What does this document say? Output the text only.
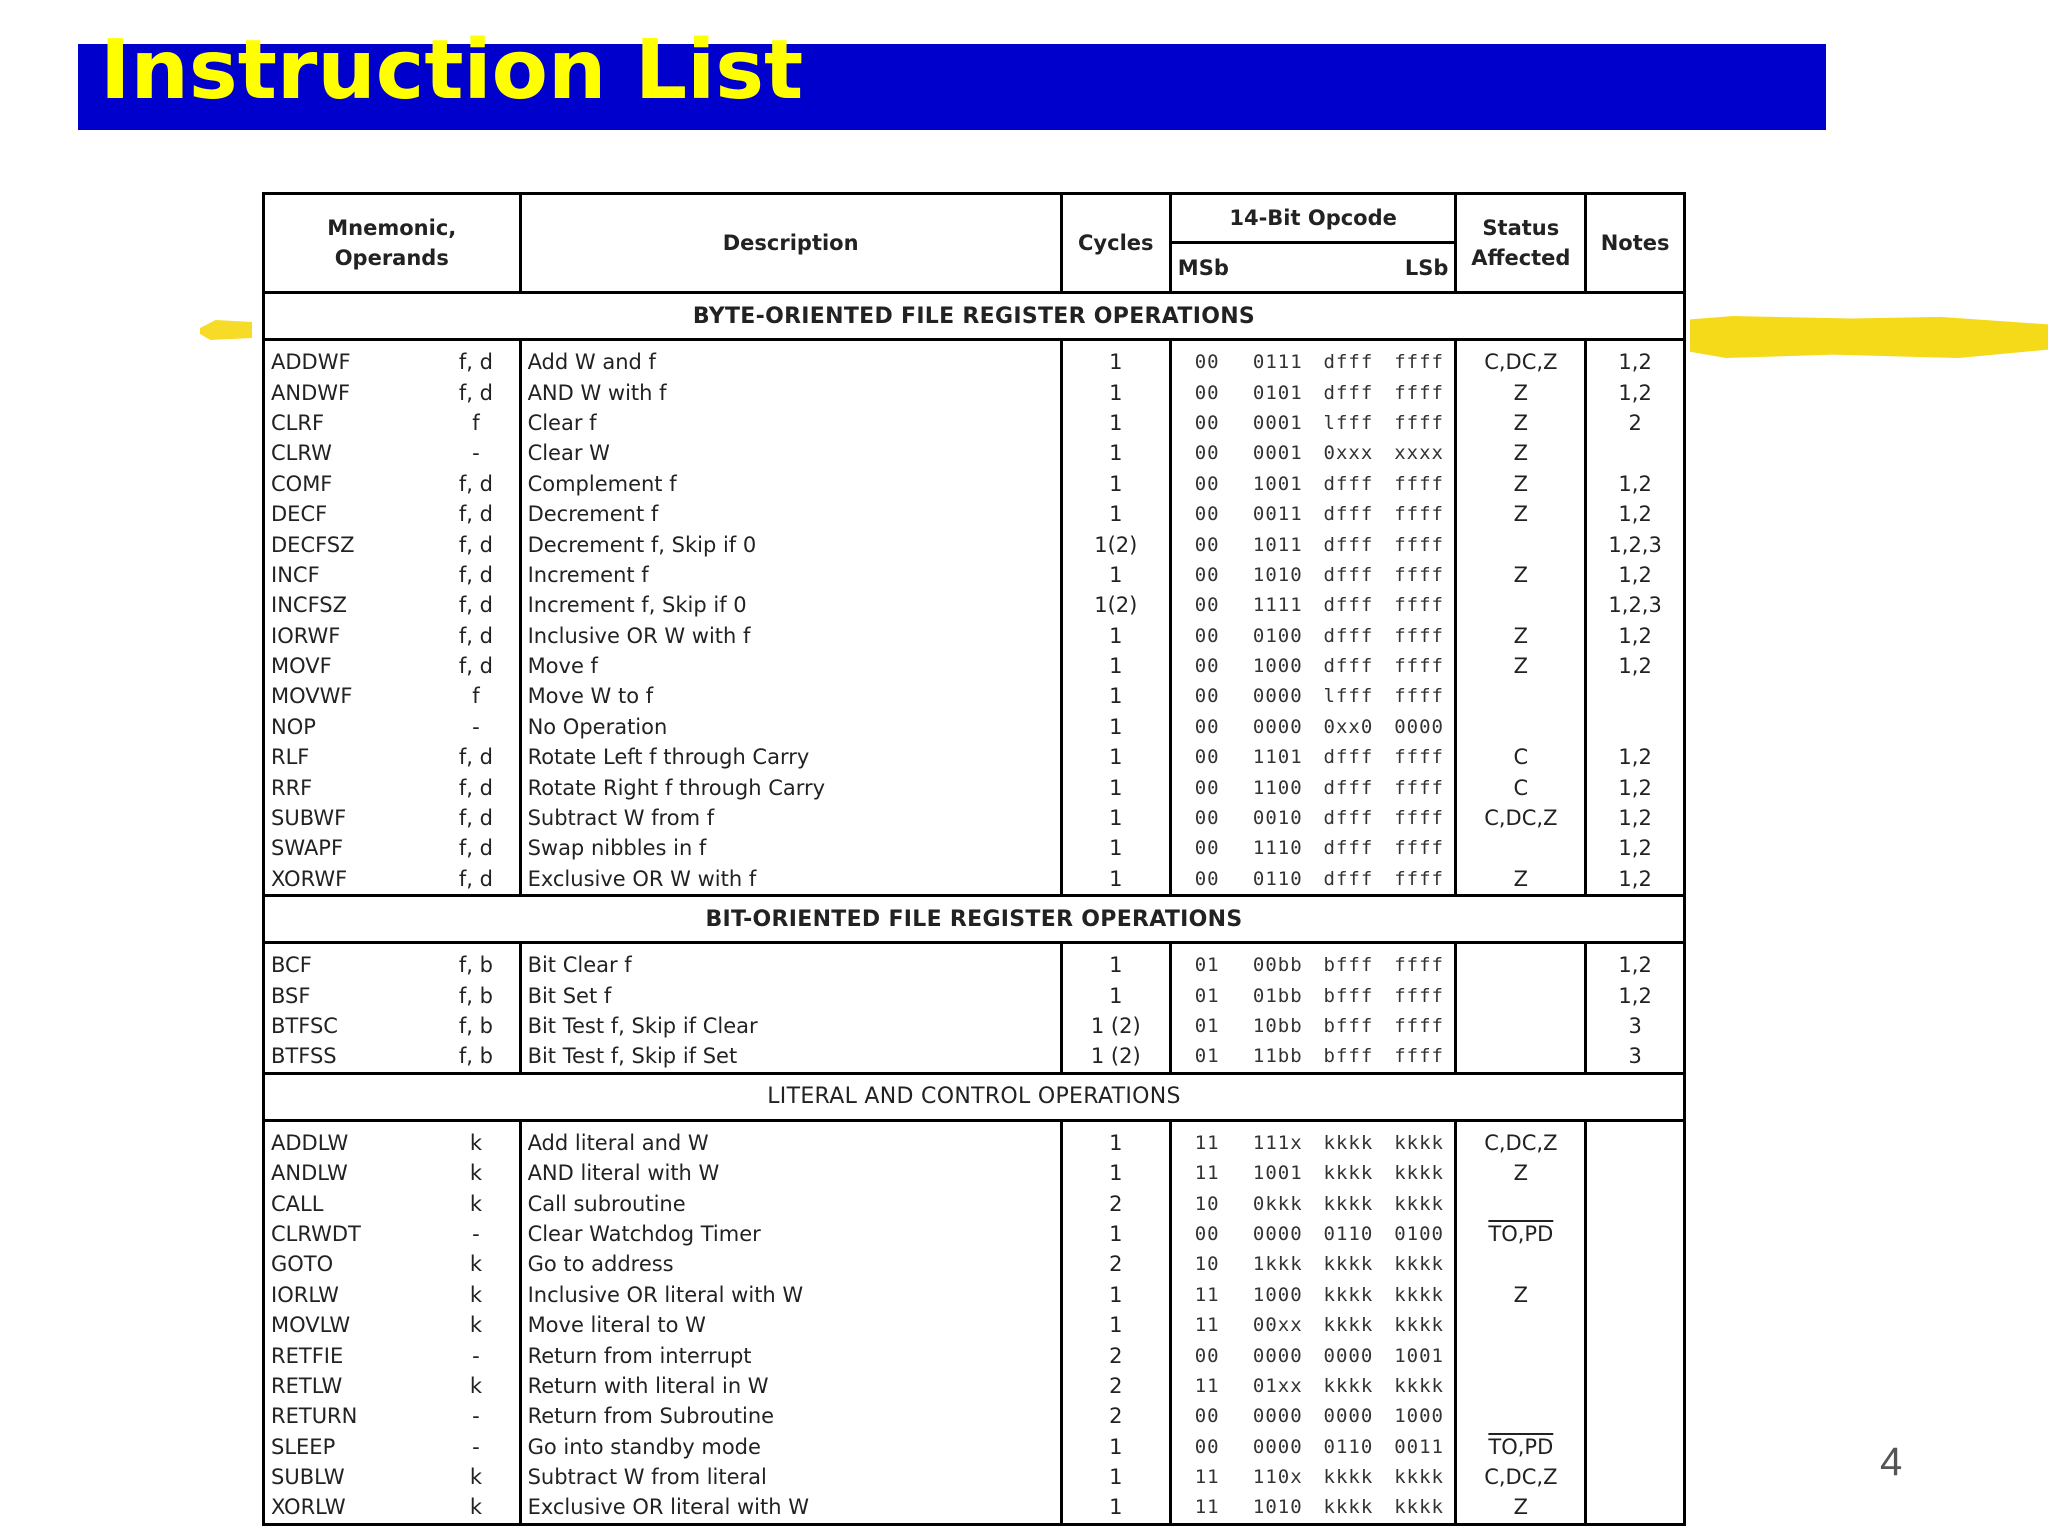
Instruction List
Mnemonic, Operands		Description	Cycles	14-Bit Opcode				Status Affected	Notes
				MSb		LSb			
BYTE-ORIENTED FILE REGISTER OPERATIONS									
ADDWF	f, d	Add W and f	1	00	0111	dfff	ffff	C,DC,Z	1,2
ANDWF	f, d	AND W with f	1	00	0101	dfff	ffff	Z	1,2
CLRF	f	Clear f	1	00	0001	lfff	ffff	Z	2
CLRW	-	Clear W	1	00	0001	0xxx	xxxx	Z	
COMF	f, d	Complement f	1	00	1001	dfff	ffff	Z	1,2
DECF	f, d	Decrement f	1	00	0011	dfff	ffff	Z	1,2
DECFSZ	f, d	Decrement f, Skip if 0	1(2)	00	1011	dfff	ffff		1,2,3
INCF	f, d	Increment f	1	00	1010	dfff	ffff	Z	1,2
INCFSZ	f, d	Increment f, Skip if 0	1(2)	00	1111	dfff	ffff		1,2,3
IORWF	f, d	Inclusive OR W with f	1	00	0100	dfff	ffff	Z	1,2
MOVF	f, d	Move f	1	00	1000	dfff	ffff	Z	1,2
MOVWF	f	Move W to f	1	00	0000	lfff	ffff		
NOP	-	No Operation	1	00	0000	0xx0	0000		
RLF	f, d	Rotate Left f through Carry	1	00	1101	dfff	ffff	C	1,2
RRF	f, d	Rotate Right f through Carry	1	00	1100	dfff	ffff	C	1,2
SUBWF	f, d	Subtract W from f	1	00	0010	dfff	ffff	C,DC,Z	1,2
SWAPF	f, d	Swap nibbles in f	1	00	1110	dfff	ffff		1,2
XORWF	f, d	Exclusive OR W with f	1	00	0110	dfff	ffff	Z	1,2
BIT-ORIENTED FILE REGISTER OPERATIONS									
BCF	f, b	Bit Clear f	1	01	00bb	bfff	ffff		1,2
BSF	f, b	Bit Set f	1	01	01bb	bfff	ffff		1,2
BTFSC	f, b	Bit Test f, Skip if Clear	1 (2)	01	10bb	bfff	ffff		3
BTFSS	f, b	Bit Test f, Skip if Set	1 (2)	01	11bb	bfff	ffff		3
LITERAL AND CONTROL OPERATIONS									
ADDLW	k	Add literal and W	1	11	111x	kkkk	kkkk	C,DC,Z	
ANDLW	k	AND literal with W	1	11	1001	kkkk	kkkk	Z	
CALL	k	Call subroutine	2	10	0kkk	kkkk	kkkk		
CLRWDT	-	Clear Watchdog Timer	1	00	0000	0110	0100	TO,PD	
GOTO	k	Go to address	2	10	1kkk	kkkk	kkkk		
IORLW	k	Inclusive OR literal with W	1	11	1000	kkkk	kkkk	Z	
MOVLW	k	Move literal to W	1	11	00xx	kkkk	kkkk		
RETFIE	-	Return from interrupt	2	00	0000	0000	1001		
RETLW	k	Return with literal in W	2	11	01xx	kkkk	kkkk		
RETURN	-	Return from Subroutine	2	00	0000	0000	1000		
SLEEP	-	Go into standby mode	1	00	0000	0110	0011	TO,PD	
SUBLW	k	Subtract W from literal	1	11	110x	kkkk	kkkk	C,DC,Z	
XORLW	k	Exclusive OR literal with W	1	11	1010	kkkk	kkkk	Z	
4
